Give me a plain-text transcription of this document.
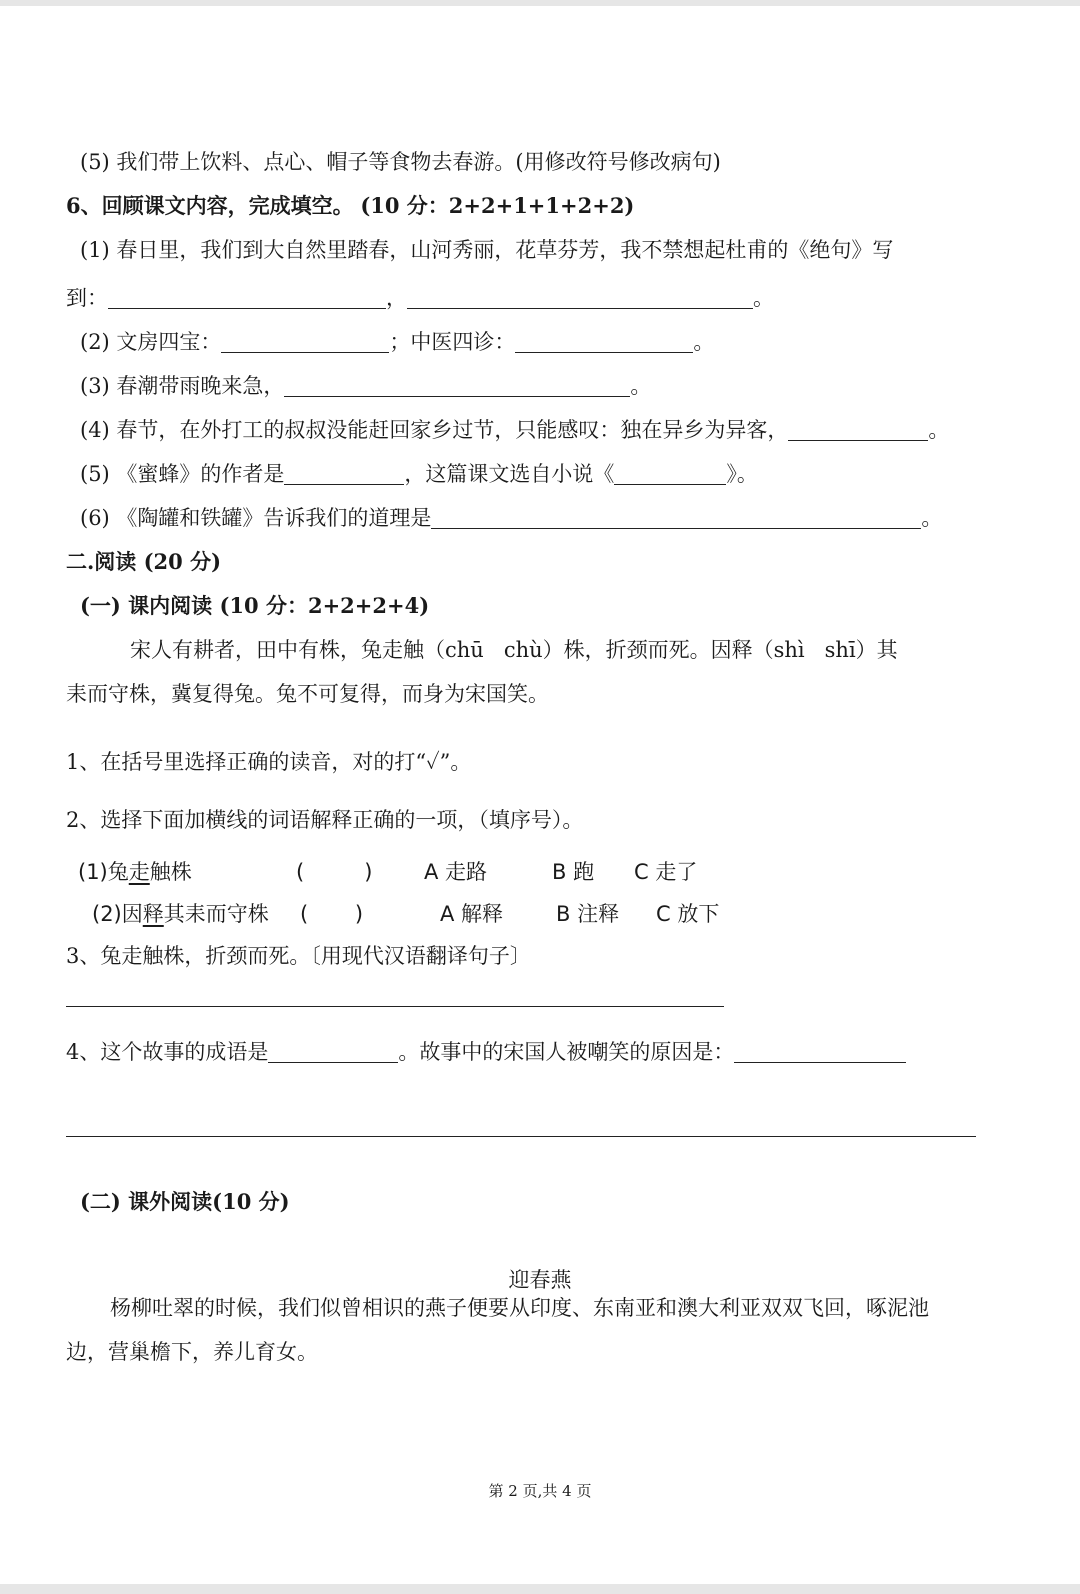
(5) 我们带上饮料、点心、帽子等食物去春游。(用修改符号修改病句)
6、回顾课文内容，完成填空。 (10 分：2+2+1+1+2+2)
(1) 春日里，我们到大自然里踏春，山河秀丽，花草芬芳，我不禁想起杜甫的《绝句》写
到：	，	。
(2) 文房四宝：	；中医四诊：	。
(3) 春潮带雨晚来急，	。
(4) 春节，在外打工的叔叔没能赶回家乡过节，只能感叹：独在异乡为异客，	。
(5) 《蜜蜂》的作者是	，这篇课文选自小说《	》。
(6) 《陶罐和铁罐》告诉我们的道理是	。
二.阅读 (20 分)
(一) 课内阅读 (10 分：2+2+2+4)
宋人有耕者，田中有株，兔走触（chū chù）株，折颈而死。因释（shì shī）其
耒而守株，冀复得兔。兔不可复得，而身为宋国笑。
1、在括号里选择正确的读音，对的打“✓”。
2、选择下面加横线的词语解释正确的一项，（填序号）。
(1)兔走触株	(         ) A 走路	B 跑 C 走了
(2)因释其耒而守株 (       )	A 解释	B 注释 C 放下
3、兔走触株，折颈而死。〔用现代汉语翻译句子〕
4、这个故事的成语是	。故事中的宋国人被嘲笑的原因是：
(二) 课外阅读(10 分)
迎春燕
杨柳吐翠的时候，我们似曾相识的燕子便要从印度、东南亚和澳大利亚双双飞回，啄泥池
边，营巢檐下，养儿育女。
第 2 页,共 4 页
